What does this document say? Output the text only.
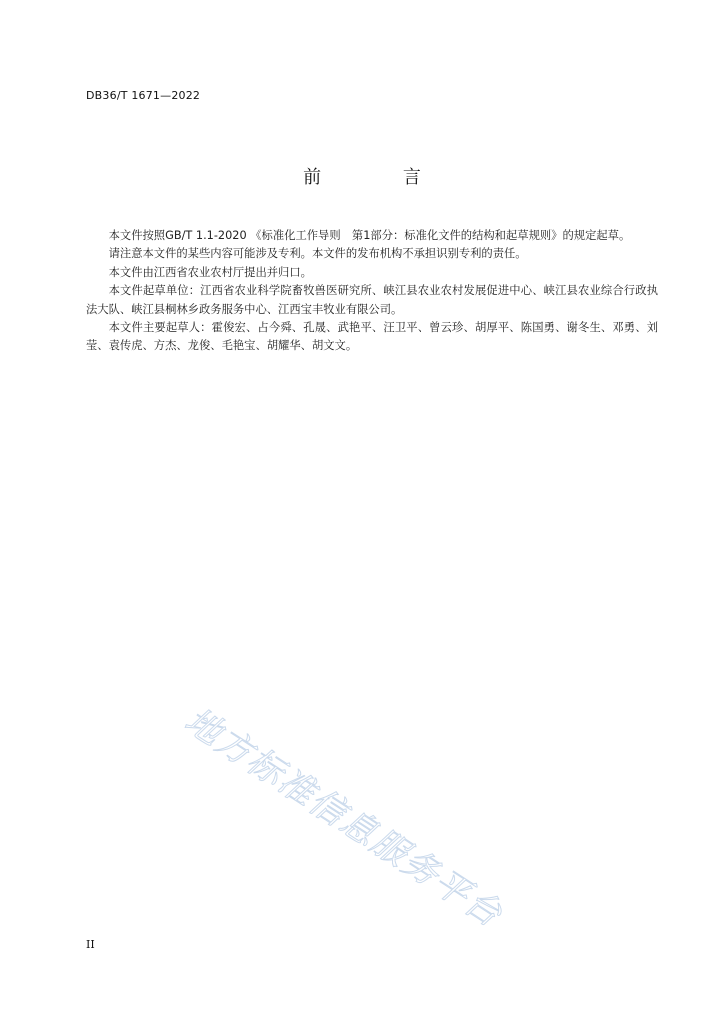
DB36/T 1671—2022
前 言

本文件按照GB/T 1.1-2020 《标准化工作导则　第1部分：标准化文件的结构和起草规则》的规定起草。

请注意本文件的某些内容可能涉及专利。本文件的发布机构不承担识别专利的责任。

本文件由江西省农业农村厅提出并归口。

本文件起草单位：江西省农业科学院畜牧兽医研究所、峡江县农业农村发展促进中心、峡江县农业综合行政执法大队、峡江县桐林乡政务服务中心、江西宝丰牧业有限公司。

本文件主要起草人：霍俊宏、占今舜、孔晟、武艳平、汪卫平、曾云珍、胡厚平、陈国勇、谢冬生、邓勇、刘莹、袁传虎、方杰、龙俊、毛艳宝、胡耀华、胡文文。

地方标准信息服务平台
II
